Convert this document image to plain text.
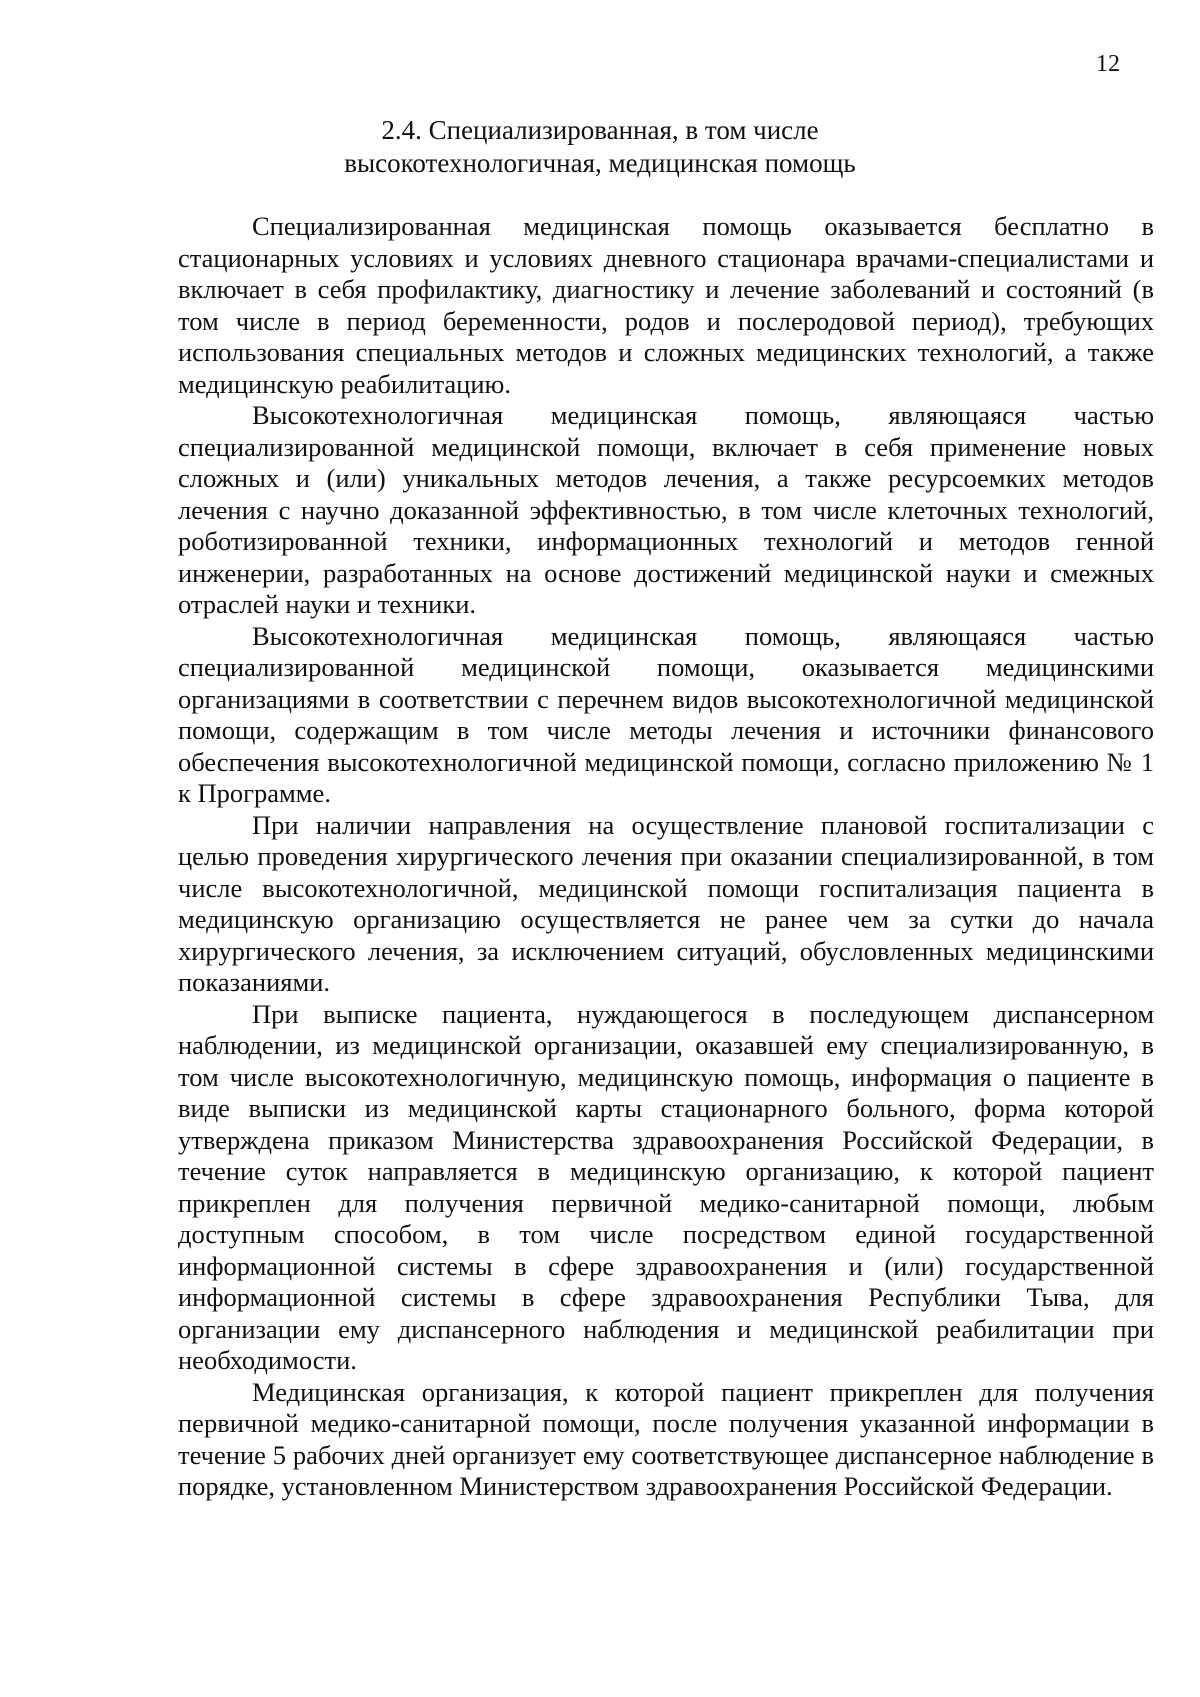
12
2.4. Специализированная, в том числе
высокотехнологичная, медицинская помощь

Специализированная медицинская помощь оказывается бесплатно в стационарных условиях и условиях дневного стационара врачами-специалистами и включает в себя профилактику, диагностику и лечение заболеваний и состояний (в том числе в период беременности, родов и послеродовой период), требующих использования специальных методов и сложных медицинских технологий, а также медицинскую реабилитацию.

Высокотехнологичная медицинская помощь, являющаяся частью специализированной медицинской помощи, включает в себя применение новых сложных и (или) уникальных методов лечения, а также ресурсоемких методов лечения с научно доказанной эффективностью, в том числе клеточных технологий, роботизированной техники, информационных технологий и методов генной инженерии, разработанных на основе достижений медицинской науки и смежных отраслей науки и техники.

Высокотехнологичная медицинская помощь, являющаяся частью специализированной медицинской помощи, оказывается медицинскими организациями в соответствии с перечнем видов высокотехнологичной медицинской помощи, содержащим в том числе методы лечения и источники финансового обеспечения высокотехнологичной медицинской помощи, согласно приложению № 1 к Программе.

При наличии направления на осуществление плановой госпитализации с целью проведения хирургического лечения при оказании специализированной, в том числе высокотехнологичной, медицинской помощи госпитализация пациента в медицинскую организацию осуществляется не ранее чем за сутки до начала хирургического лечения, за исключением ситуаций, обусловленных медицинскими показаниями.

При выписке пациента, нуждающегося в последующем диспансерном наблюдении, из медицинской организации, оказавшей ему специализированную, в том числе высокотехнологичную, медицинскую помощь, информация о пациенте в виде выписки из медицинской карты стационарного больного, форма которой утверждена приказом Министерства здравоохранения Российской Федерации, в течение суток направляется в медицинскую организацию, к которой пациент прикреплен для получения первичной медико-санитарной помощи, любым доступным способом, в том числе посредством единой государственной информационной системы в сфере здравоохранения и (или) государственной информационной системы в сфере здравоохранения Республики Тыва, для организации ему диспансерного наблюдения и медицинской реабилитации при необходимости.

Медицинская организация, к которой пациент прикреплен для получения первичной медико-санитарной помощи, после получения указанной информации в течение 5 рабочих дней организует ему соответствующее диспансерное наблюдение в порядке, установленном Министерством здравоохранения Российской Федерации.
